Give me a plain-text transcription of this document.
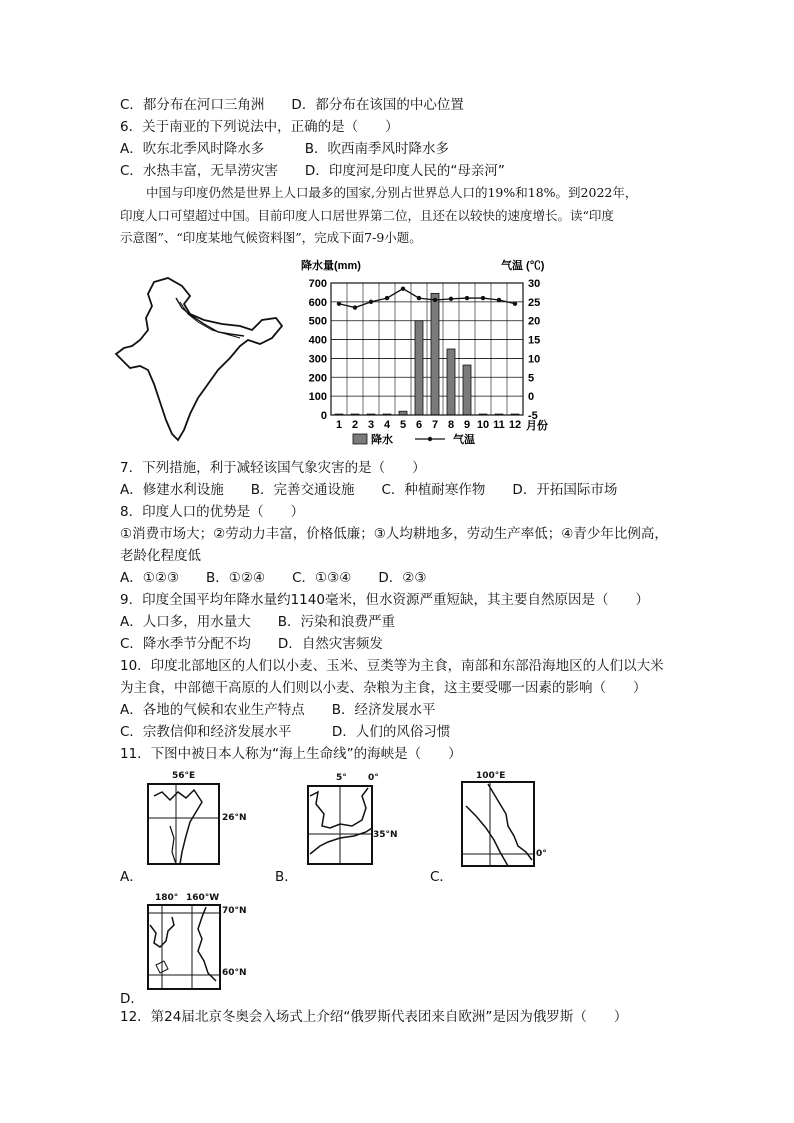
C．都分布在河口三角洲　　D．都分布在该国的中心位置
6．关于南亚的下列说法中，正确的是（　　）
A．吹东北季风时降水多　　　B．吹西南季风时降水多
C．水热丰富，无旱涝灾害　　D．印度河是印度人民的“母亲河”
中国与印度仍然是世界上人口最多的国家,分别占世界总人口的19%和18%。到2022年，
印度人口可望超过中国。目前印度人口居世界第二位，且还在以较快的速度增长。读“印度
示意图”、“印度某地气候资料图”，完成下面7-9小题。
降水量(mm)	气温 (℃)
0
100
200
300
400
500
600
700
-5
0
5
10
15
20
25
30
1 2 3 4 5 6 7 8 9 10 11 12 月份
降水	气温
7．下列措施，利于减轻该国气象灾害的是（　　）
A．修建水利设施　　B．完善交通设施　　C．种植耐寒作物　　D．开拓国际市场
8．印度人口的优势是（　　）
①消费市场大；②劳动力丰富，价格低廉；③人均耕地多，劳动生产率低；④青少年比例高，
老龄化程度低
A．①②③　　B．①②④　　C．①③④　　D．②③
9．印度全国平均年降水量约1140毫米，但水资源严重短缺，其主要自然原因是（　　）
A．人口多，用水量大　　B．污染和浪费严重
C．降水季节分配不均　　D．自然灾害频发
10．印度北部地区的人们以小麦、玉米、豆类等为主食，南部和东部沿海地区的人们以大米
为主食，中部德干高原的人们则以小麦、杂粮为主食，这主要受哪一因素的影响（　　）
A．各地的气候和农业生产特点　　B．经济发展水平
C．宗教信仰和经济发展水平　　　D．人们的风俗习惯
11．下图中被日本人称为“海上生命线”的海峡是（　　）
A．
56°E
26°N
B．
5° 0°
35°N
C．
100°E
0°
D．
180° 160°W
70°N
60°N
12．第24届北京冬奥会入场式上介绍“俄罗斯代表团来自欧洲”是因为俄罗斯（　　）
